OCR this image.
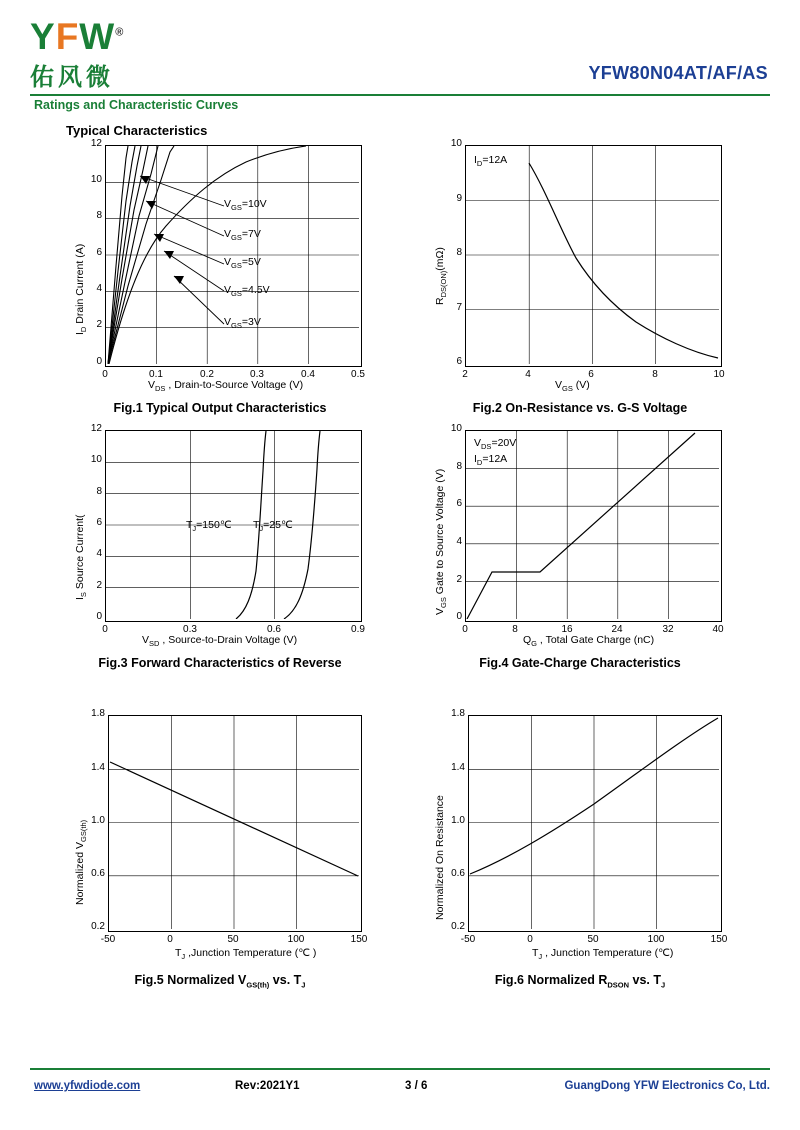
YFW®
佑风微	YFW80N04AT/AF/AS
Ratings and Characteristic Curves
Typical Characteristics
$V_{GS}=10V$
$V_{GS}=7V$
$V_{GS}=5V$
$V_{GS}=4.5V$
$V_{GS}=3V$
12
10
8
6
4
2
0
0	0.1	0.2	0.3	0.4	0.5
$V_{DS}$ , Drain-to-Source Voltage (V)
$I_D$ Drain Current (A)
Fig.1 Typical Output Characteristics
$I_D=12A$
10
9
8
7
6
2	4	6	8	10
$V_{GS}$ (V)
$R_{DS(ON)}(m\Omega)$
Fig.2 On-Resistance vs. G-S Voltage
$T_J=150℃$ $T_J=25℃$
12
10
8
6
4
2
0
0	0.3	0.6	0.9
$V_{SD}$ , Source-to-Drain Voltage (V)
$I_S$ Source Current(
Fig.3 Forward Characteristics of Reverse
$V_{DS}=20V$
$I_D=12A$
10
8
6
4
2
0
0	8	16	24	32	40
$Q_G$ , Total Gate Charge (nC)
$V_{GS}$ Gate to Source Voltage (V)
Fig.4 Gate-Charge Characteristics
1.8
1.4
1.0
0.6
0.2
-50	0	50	100	150
$T_J$ ,Junction Temperature (℃ )
Normalized $V_{GS(th)}$
Fig.5 Normalized $V_{GS(th)}$ vs. $T_J$
1.8
1.4
1.0
0.6
0.2
-50	0	50	100	150
$T_J$ , Junction Temperature (℃)
Normalized On Resistance
Fig.6 Normalized $R_{DSON}$ vs. $T_J$
www.yfwdiode.com	Rev:2021Y1	3 / 6	GuangDong YFW Electronics Co, Ltd.
